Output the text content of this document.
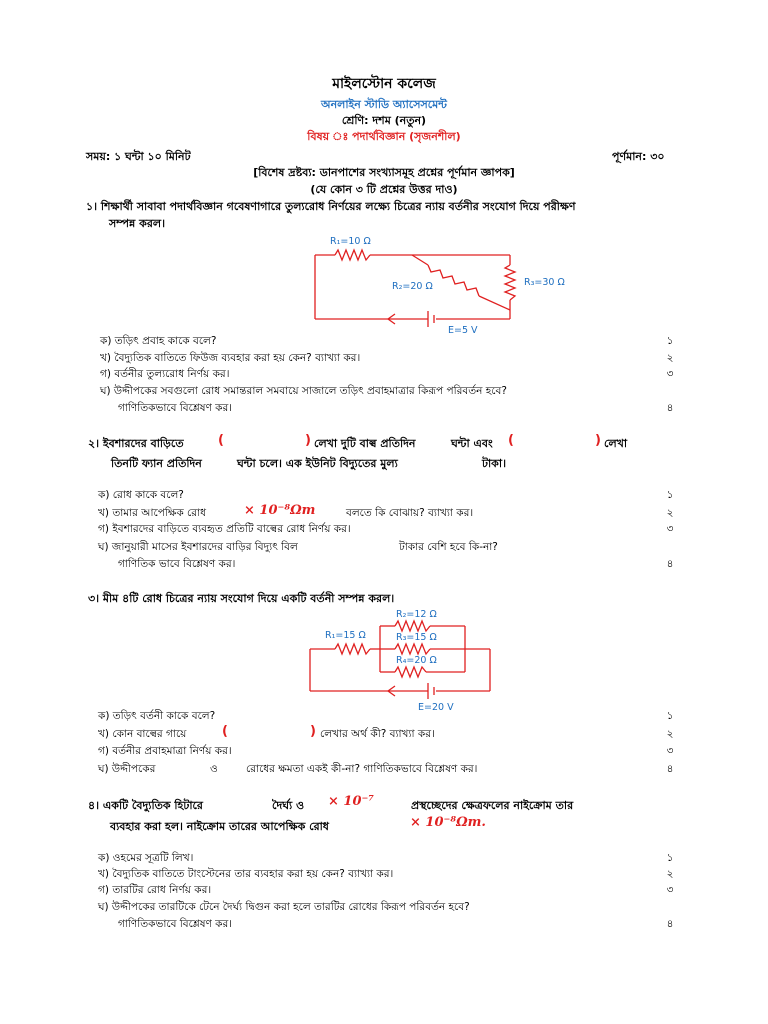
মাইলস্টোন কলেজ
অনলাইন স্টাডি অ্যাসেসমেন্ট
শ্রেণি: দশম (নতুন)
বিষয় ঃ পদার্থবিজ্ঞান (সৃজনশীল)
সময়: ১ ঘন্টা ১০ মিনিট	পূর্ণমান: ৩০
[বিশেষ দ্রষ্টব্য: ডানপাশের সংখ্যাসমূহ প্রশ্নের পূর্ণমান জ্ঞাপক]
(যে কোন ৩ টি প্রশ্নের উত্তর দাও)
১। শিক্ষার্থী সাবাবা পদার্থবিজ্ঞান গবেষণাগারে তুল্যরোধ নির্ণয়ের লক্ষ্যে চিত্রের ন্যায় বর্তনীর সংযোগ দিয়ে পরীক্ষণ
সম্পন্ন করল।
R₁=10 Ω
R₂=20 Ω	R₃=30 Ω
E=5 V
ক) তড়িৎ প্রবাহ কাকে বলে?	১
খ) বৈদ্যুতিক বাতিতে ফিউজ ব্যবহার করা হয় কেন? ব্যাখ্যা কর।	২
গ) বর্তনীর তুল্যরোধ নির্ণয় কর।	৩
ঘ) উদ্দীপকের সবগুলো রোধ সমান্তরাল সমবায়ে সাজালে তড়িৎ প্রবাহমাত্রার কিরূপ পরিবর্তন হবে?
গাণিতিকভাবে বিশ্লেষণ কর।	৪
২। ইবশারদের বাড়িতে	(	) লেখা দুটি বাল্ব প্রতিদিন	ঘন্টা এবং (	) লেখা
তিনটি ফ্যান প্রতিদিন	ঘন্টা চলে। এক ইউনিট বিদ্যুতের মুল্য	টাকা।
ক) রোধ কাকে বলে?	১
খ) তামার আপেক্ষিক রোধ	× 10⁻⁸Ωm	বলতে কি বোঝায়? ব্যাখ্যা কর।	২
গ) ইবশারদের বাড়িতে ব্যবহৃত প্রতিটি বাল্বের রোধ নির্ণয় কর।	৩
ঘ) জানুয়ারী মাসের ইবশারদের বাড়ির বিদ্যুৎ বিল	টাকার বেশি হবে কি-না?
গাণিতিক ভাবে বিশ্লেষণ কর।	৪
৩। মীম ৪টি রোধ চিত্রের ন্যায় সংযোগ দিয়ে একটি বর্তনী সম্পন্ন করল।
R₁=15 Ω
R₂=12 Ω
R₃=15 Ω
R₄=20 Ω
E=20 V
ক) তড়িৎ বর্তনী কাকে বলে?	১
খ) কোন বাল্বের গায়ে	(	) লেখার অর্থ কী? ব্যাখ্যা কর।	২
গ) বর্তনীর প্রবাহমাত্রা নির্ণয় কর।	৩
ঘ) উদ্দীপকের	ও	রোধের ক্ষমতা একই কী-না? গাণিতিকভাবে বিশ্লেষণ কর।	৪
৪। একটি বৈদ্যুতিক হিটারে	দৈর্ঘ্য ও × 10⁻⁷	প্রস্থচ্ছেদের ক্ষেত্রফলের নাইক্রোম তার
ব্যবহার করা হল। নাইক্রোম তারের আপেক্ষিক রোধ	× 10⁻⁸Ωm.
ক) ওহমের সূত্রটি লিখ।	১
খ) বৈদ্যুতিক বাতিতে টাংস্টেনের তার ব্যবহার করা হয় কেন? ব্যাখ্যা কর।	২
গ) তারটির রোধ নির্ণয় কর।	৩
ঘ) উদ্দীপকের তারটিকে টেনে দৈর্ঘ্য দ্বিগুন করা হলে তারটির রোধের কিরূপ পরিবর্তন হবে?
গাণিতিকভাবে বিশ্লেষণ কর।	৪
